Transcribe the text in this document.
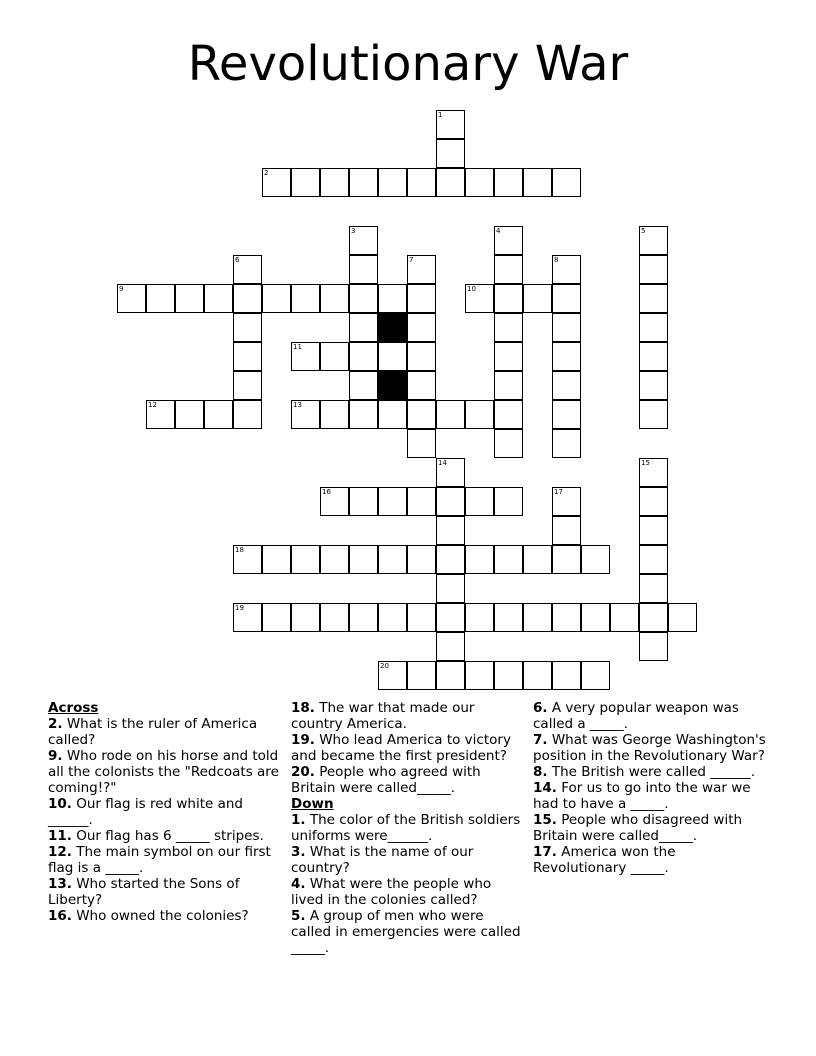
Revolutionary War
1
2
3	4	5
6	7	8
9	10
11
12	13
14	15
16	17
18
19
20
Across
2. What is the ruler of America called?
9. Who rode on his horse and told all the colonists the "Redcoats are coming!?"
10. Our flag is red white and ______.
11. Our flag has 6 _____ stripes.
12. The main symbol on our first flag is a _____.
13. Who started the Sons of Liberty?
16. Who owned the colonies?
18. The war that made our country America.
19. Who lead America to victory and became the first president?
20. People who agreed with Britain were called_____.
Down
1. The color of the British soldiers uniforms were______.
3. What is the name of our country?
4. What were the people who lived in the colonies called?
5. A group of men who were called in emergencies were called _____.
6. A very popular weapon was called a _____.
7. What was George Washington's position in the Revolutionary War?
8. The British were called ______.
14. For us to go into the war we had to have a _____.
15. People who disagreed with Britain were called_____.
17. America won the Revolutionary _____.
